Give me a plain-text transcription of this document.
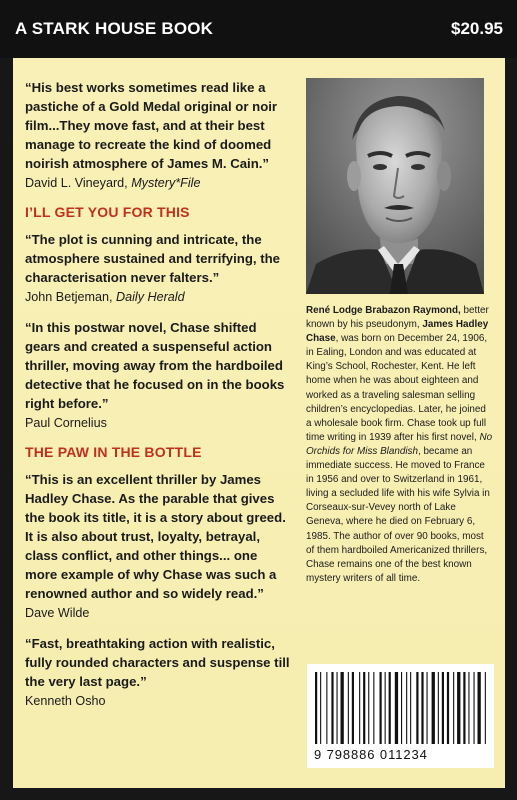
A STARK HOUSE BOOK	$20.95
“His best works sometimes read like a pastiche of a Gold Medal original or noir film...They move fast, and at their best manage to recreate the kind of doomed noirish atmosphere of James M. Cain.”
David L. Vineyard, Mystery*File
I’LL GET YOU FOR THIS
“The plot is cunning and intricate, the atmosphere sustained and terrifying, the characterisation never falters.”
John Betjeman, Daily Herald
“In this postwar novel, Chase shifted gears and created a suspenseful action thriller, moving away from the hardboiled detective that he focused on in the books right before.”
Paul Cornelius
THE PAW IN THE BOTTLE
“This is an excellent thriller by James Hadley Chase. As the parable that gives the book its title, it is a story about greed. It is also about trust, loyalty, betrayal, class conflict, and other things... one more example of why Chase was such a renowned author and so widely read.”
Dave Wilde
“Fast, breathtaking action with realistic, fully rounded characters and suspense till the very last page.”
Kenneth Osho
René Lodge Brabazon Raymond, better known by his pseudonym, James Hadley Chase, was born on December 24, 1906, in Ealing, London and was educated at King’s School, Rochester, Kent. He left home when he was about eighteen and worked as a traveling salesman selling children’s encyclopedias. Later, he joined a wholesale book firm. Chase took up full time writing in 1939 after his first novel, No Orchids for Miss Blandish, became an immediate success. He moved to France in 1956 and over to Switzerland in 1961, living a secluded life with his wife Sylvia in Corseaux-sur-Vevey north of Lake Geneva, where he died on February 6, 1985. The author of over 90 books, most of them hardboiled Americanized thrillers, Chase remains one of the best known mystery writers of all time.
9 798886 011234
